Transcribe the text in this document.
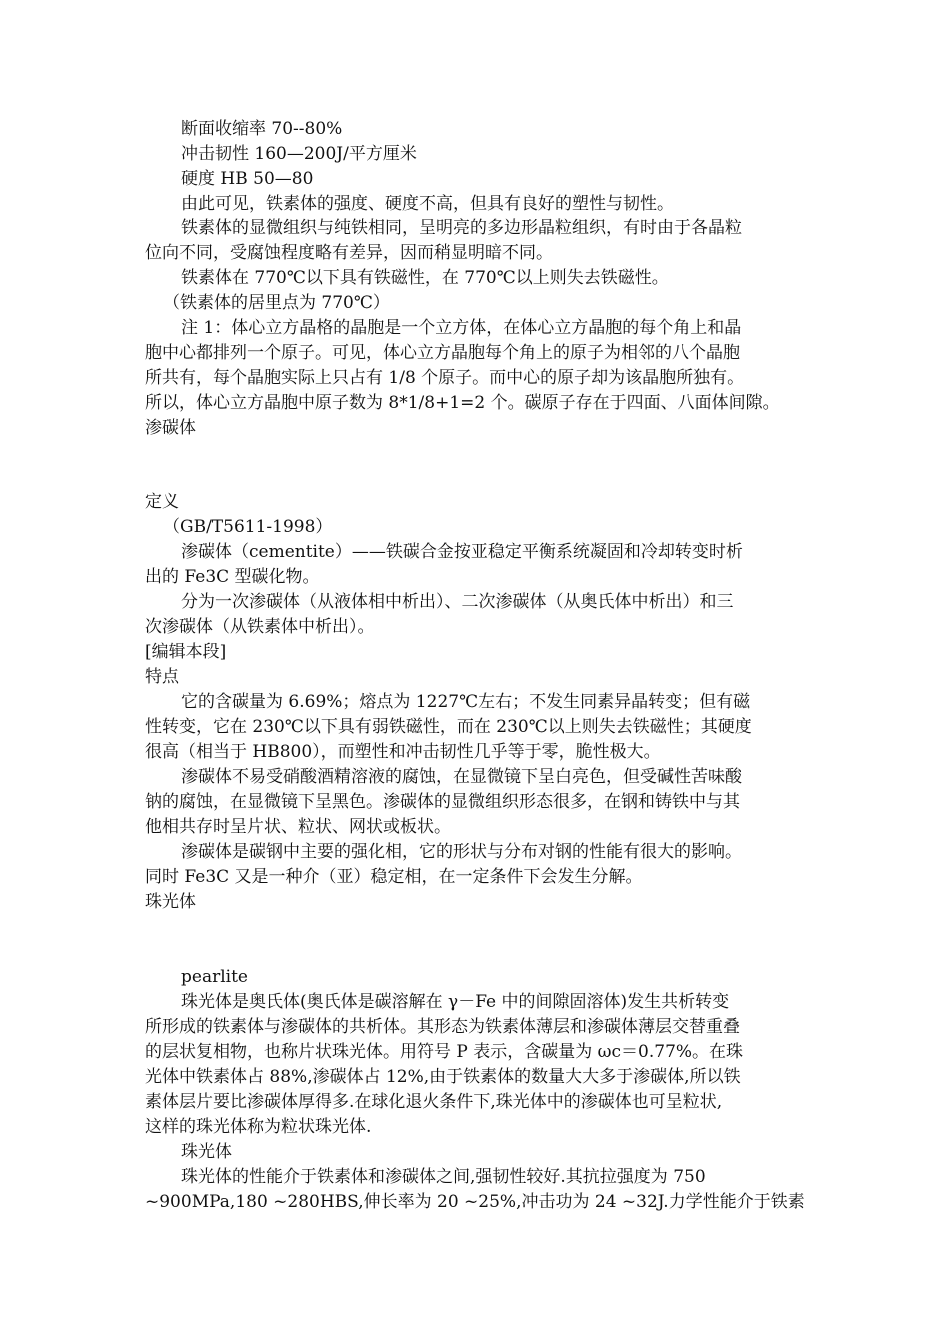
断面收缩率 70--80%
冲击韧性 160—200J/平方厘米
硬度 HB 50—80
由此可见，铁素体的强度、硬度不高，但具有良好的塑性与韧性。
铁素体的显微组织与纯铁相同，呈明亮的多边形晶粒组织，有时由于各晶粒
位向不同，受腐蚀程度略有差异，因而稍显明暗不同。
铁素体在 770℃以下具有铁磁性，在 770℃以上则失去铁磁性。
（铁素体的居里点为 770℃）
注 1：体心立方晶格的晶胞是一个立方体，在体心立方晶胞的每个角上和晶
胞中心都排列一个原子。可见，体心立方晶胞每个角上的原子为相邻的八个晶胞
所共有，每个晶胞实际上只占有 1/8 个原子。而中心的原子却为该晶胞所独有。
所以，体心立方晶胞中原子数为 8*1/8+1=2 个。碳原子存在于四面、八面体间隙。
渗碳体
定义
（GB/T5611-1998）
渗碳体（cementite）——铁碳合金按亚稳定平衡系统凝固和冷却转变时析
出的 Fe3C 型碳化物。
分为一次渗碳体（从液体相中析出）、二次渗碳体（从奥氏体中析出）和三
次渗碳体（从铁素体中析出）。
[编辑本段]
特点
它的含碳量为 6.69%；熔点为 1227℃左右；不发生同素异晶转变；但有磁
性转变，它在 230℃以下具有弱铁磁性，而在 230℃以上则失去铁磁性；其硬度
很高（相当于 HB800），而塑性和冲击韧性几乎等于零，脆性极大。
渗碳体不易受硝酸酒精溶液的腐蚀，在显微镜下呈白亮色，但受碱性苦味酸
钠的腐蚀，在显微镜下呈黑色。渗碳体的显微组织形态很多，在钢和铸铁中与其
他相共存时呈片状、粒状、网状或板状。
渗碳体是碳钢中主要的强化相，它的形状与分布对钢的性能有很大的影响。
同时 Fe3C 又是一种介（亚）稳定相，在一定条件下会发生分解。
珠光体
pearlite
珠光体是奥氏体(奥氏体是碳溶解在 γ－Fe 中的间隙固溶体)发生共析转变
所形成的铁素体与渗碳体的共析体。其形态为铁素体薄层和渗碳体薄层交替重叠
的层状复相物，也称片状珠光体。用符号 P 表示，含碳量为 ωc＝0.77%。在珠
光体中铁素体占 88%,渗碳体占 12%,由于铁素体的数量大大多于渗碳体,所以铁
素体层片要比渗碳体厚得多.在球化退火条件下,珠光体中的渗碳体也可呈粒状,
这样的珠光体称为粒状珠光体.
珠光体
珠光体的性能介于铁素体和渗碳体之间,强韧性较好.其抗拉强度为 750
~900MPa,180 ~280HBS,伸长率为 20 ~25%,冲击功为 24 ~32J.力学性能介于铁素
